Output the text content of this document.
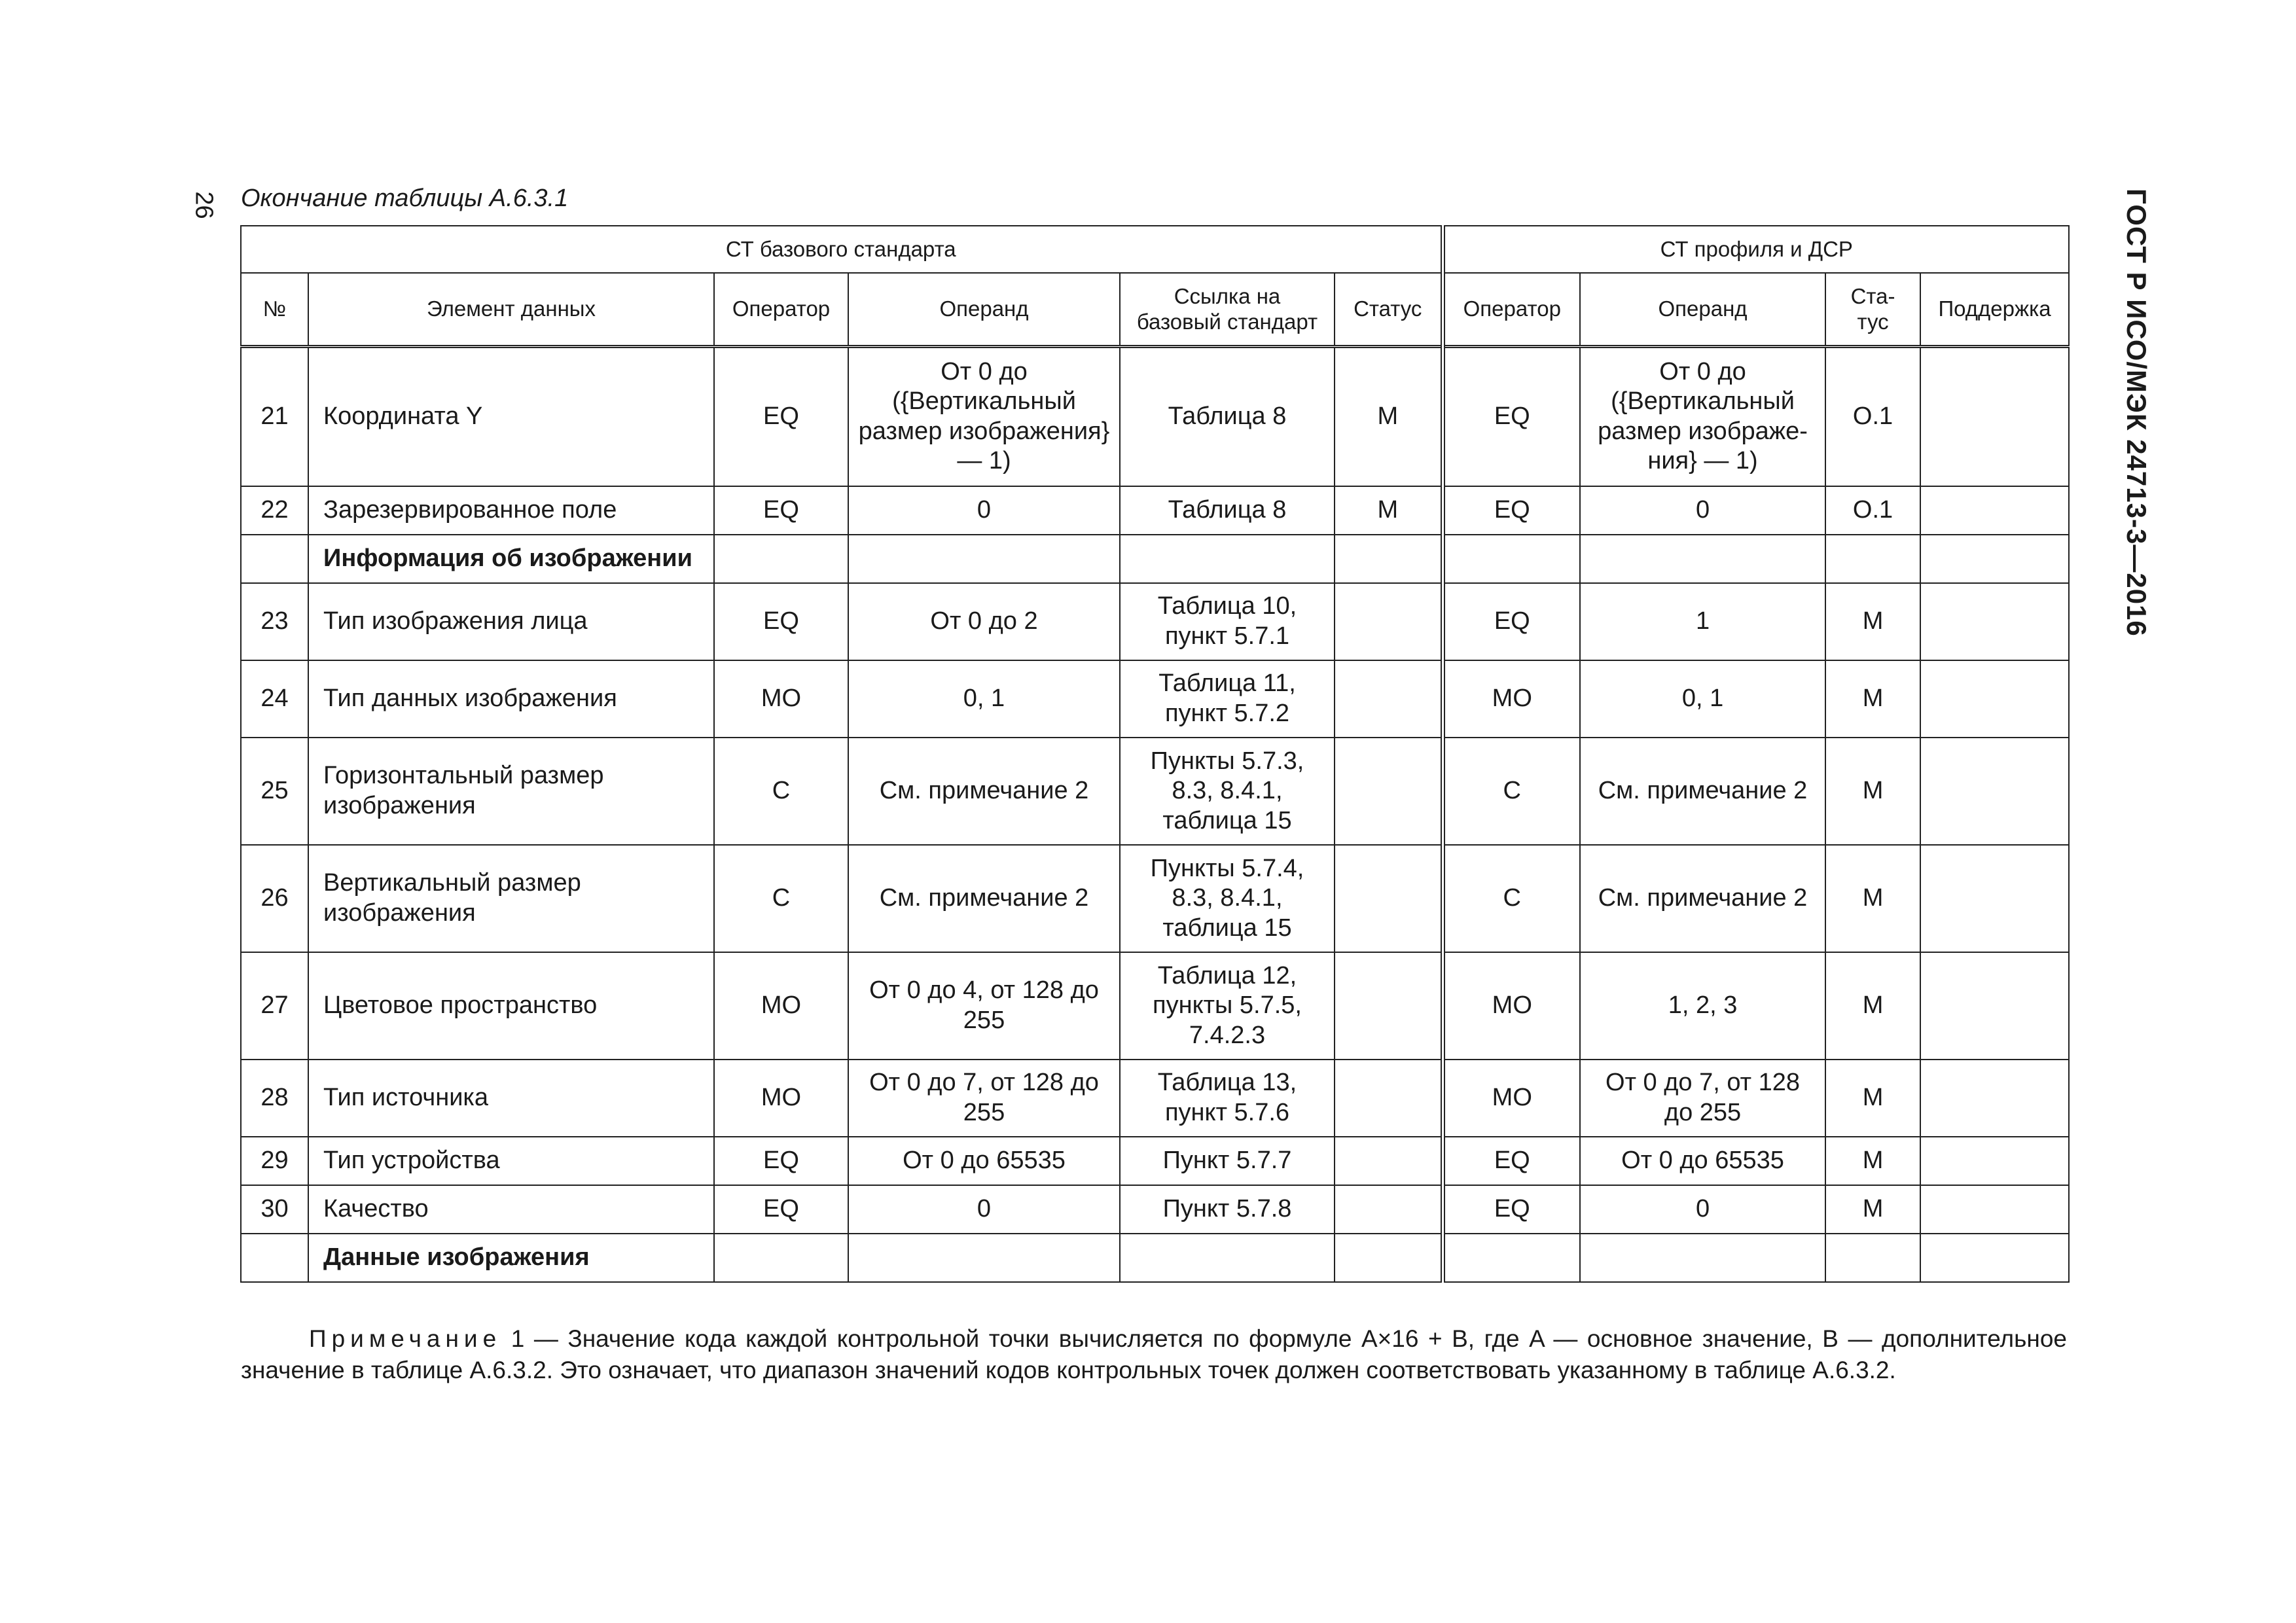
26	ГОСТ Р ИСО/МЭК 24713-3—2016
Окончание таблицы А.6.3.1
СТ базового стандарта						СТ профиля и ДСР			
№	Элемент данных	Оператор	Операнд	Ссылка на базовый стандарт	Статус	Оператор	Операнд	Ста-тус	Поддержка
21	Координата Y	EQ	От 0 до ({Вертикальный размер изображения} — 1)	Таблица 8	M	EQ	От 0 до ({Вертикальный размер изображе-ния} — 1)	O.1	
22	Зарезервированное поле	EQ	0	Таблица 8	M	EQ	0	O.1	
	Информация об изображении								
23	Тип изображения лица	EQ	От 0 до 2	Таблица 10, пункт 5.7.1		EQ	1	M	
24	Тип данных изображения	MO	0, 1	Таблица 11, пункт 5.7.2		MO	0, 1	M	
25	Горизонтальный размер изображения	C	См. примечание 2	Пункты 5.7.3, 8.3, 8.4.1, таблица 15		C	См. примечание 2	M	
26	Вертикальный размер изображения	C	См. примечание 2	Пункты 5.7.4, 8.3, 8.4.1, таблица 15		C	См. примечание 2	M	
27	Цветовое пространство	MO	От 0 до 4, от 128 до 255	Таблица 12, пункты 5.7.5, 7.4.2.3		MO	1, 2, 3	M	
28	Тип источника	MO	От 0 до 7, от 128 до 255	Таблица 13, пункт 5.7.6		MO	От 0 до 7, от 128 до 255	M	
29	Тип устройства	EQ	От 0 до 65535	Пункт 5.7.7		EQ	От 0 до 65535	M	
30	Качество	EQ	0	Пункт 5.7.8		EQ	0	M	
	Данные изображения								
Примечание 1 — Значение кода каждой контрольной точки вычисляется по формуле A×16 + B, где A — основное значение, B — дополнительное значение в таблице А.6.3.2. Это означает, что диапазон значений кодов контрольных точек должен соответствовать указанному в таблице А.6.3.2.
